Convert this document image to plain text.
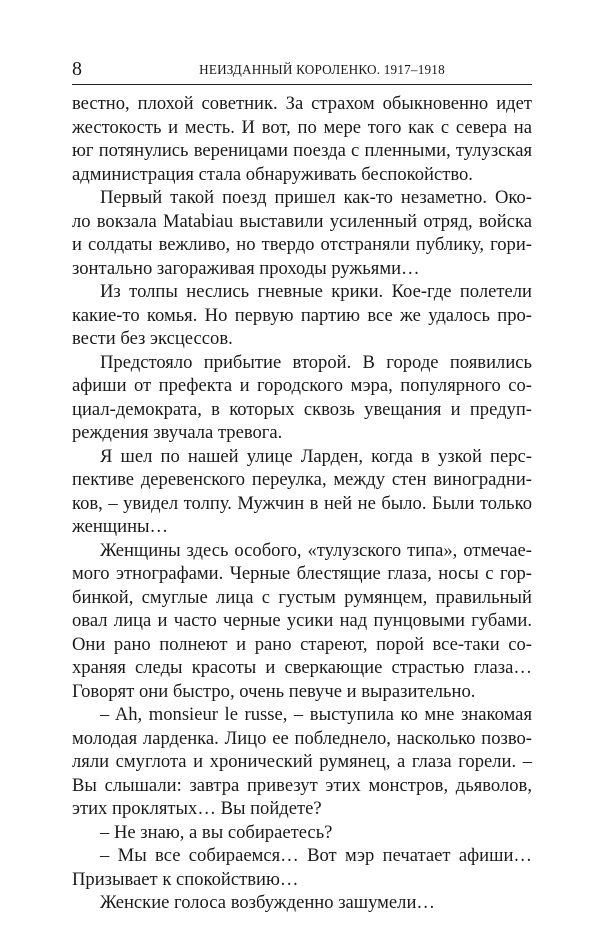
8	НЕИЗДАННЫЙ КОРОЛЕНКО. 1917–1918
вестно, плохой советник. За страхом обыкновенно идет
жестокость и месть. И вот, по мере того как с севера на
юг потянулись вереницами поезда с пленными, тулузская
администрация стала обнаруживать беспокойство.
Первый такой поезд пришел как-то незаметно. Око-
ло вокзала Matabiau выставили усиленный отряд, войска
и солдаты вежливо, но твердо отстраняли публику, гори-
зонтально загораживая проходы ружьями…
Из толпы неслись гневные крики. Кое-где полетели
какие-то комья. Но первую партию все же удалось про-
вести без эксцессов.
Предстояло прибытие второй. В городе появились
афиши от префекта и городского мэра, популярного со-
циал-демократа, в которых сквозь увещания и предуп-
реждения звучала тревога.
Я шел по нашей улице Ларден, когда в узкой перс-
пективе деревенского переулка, между стен виноградни-
ков, – увидел толпу. Мужчин в ней не было. Были только
женщины…
Женщины здесь особого, «тулузского типа», отмечае-
мого этнографами. Черные блестящие глаза, носы с гор-
бинкой, смуглые лица с густым румянцем, правильный
овал лица и часто черные усики над пунцовыми губами.
Они рано полнеют и рано стареют, порой все-таки со-
храняя следы красоты и сверкающие страстью глаза…
Говорят они быстро, очень певуче и выразительно.
– Ah, monsieur le russe, – выступила ко мне знакомая
молодая ларденка. Лицо ее побледнело, насколько позво-
ляли смуглота и хронический румянец, а глаза горели. –
Вы слышали: завтра привезут этих монстров, дьяволов,
этих проклятых… Вы пойдете?
– Не знаю, а вы собираетесь?
– Мы все собираемся… Вот мэр печатает афиши…
Призывает к спокойствию…
Женские голоса возбужденно зашумели…
